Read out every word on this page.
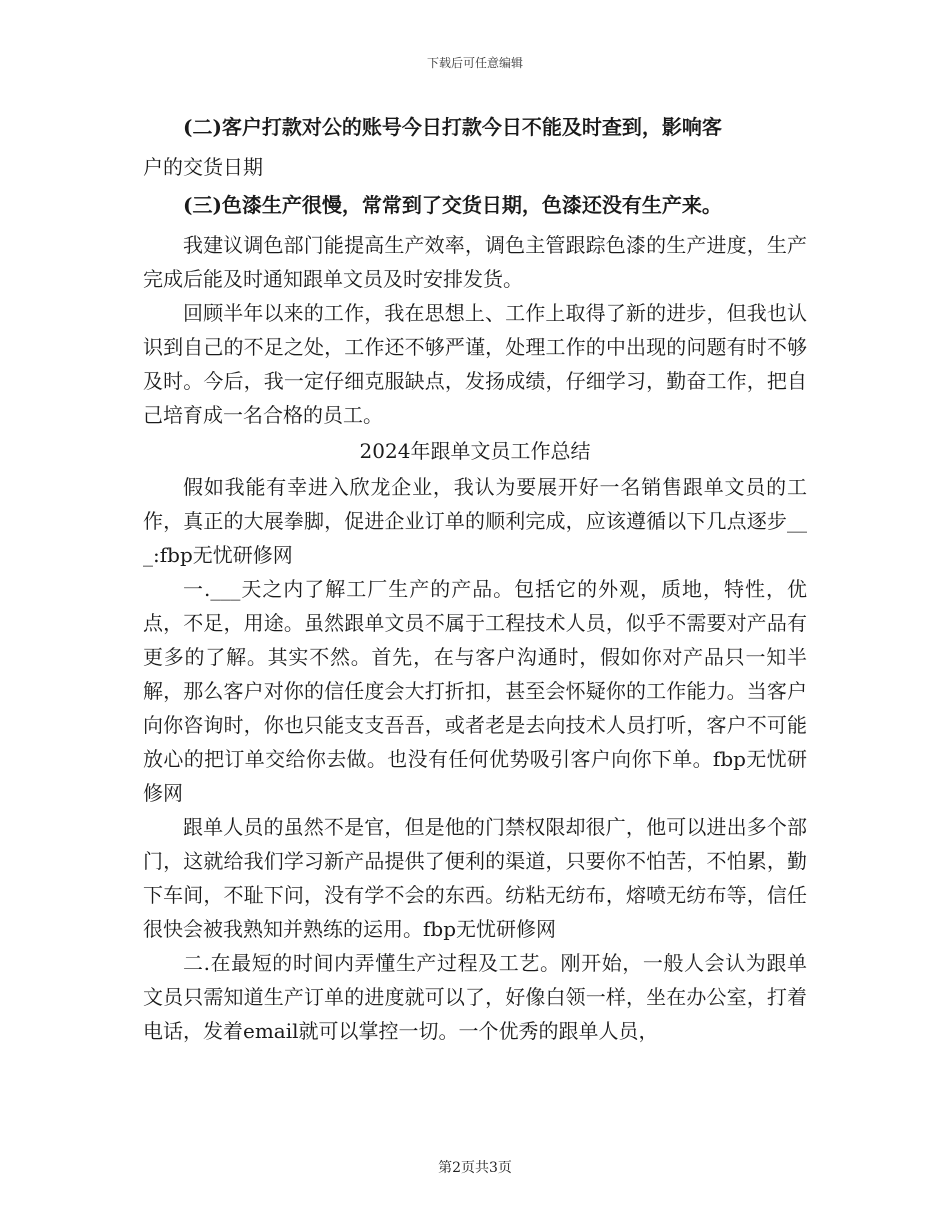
下载后可任意编辑

(二)客户打款对公的账号今日打款今日不能及时查到，影响客

户的交货日期

(三)色漆生产很慢，常常到了交货日期，色漆还没有生产来。

我建议调色部门能提高生产效率，调色主管跟踪色漆的生产进度，生产完成后能及时通知跟单文员及时安排发货。

回顾半年以来的工作，我在思想上、工作上取得了新的进步，但我也认识到自己的不足之处，工作还不够严谨，处理工作的中出现的问题有时不够及时。今后，我一定仔细克服缺点，发扬成绩，仔细学习，勤奋工作，把自己培育成一名合格的员工。

2024年跟单文员工作总结

假如我能有幸进入欣龙企业，我认为要展开好一名销售跟单文员的工作，真正的大展拳脚，促进企业订单的顺利完成，应该遵循以下几点逐步___:fbp无忧研修网

一.___天之内了解工厂生产的产品。包括它的外观，质地，特性，优点，不足，用途。虽然跟单文员不属于工程技术人员，似乎不需要对产品有更多的了解。其实不然。首先，在与客户沟通时，假如你对产品只一知半解，那么客户对你的信任度会大打折扣，甚至会怀疑你的工作能力。当客户向你咨询时，你也只能支支吾吾，或者老是去向技术人员打听，客户不可能放心的把订单交给你去做。也没有任何优势吸引客户向你下单。fbp无忧研修网

跟单人员的虽然不是官，但是他的门禁权限却很广，他可以进出多个部门，这就给我们学习新产品提供了便利的渠道，只要你不怕苦，不怕累，勤下车间，不耻下问，没有学不会的东西。纺粘无纺布，熔喷无纺布等，信任很快会被我熟知并熟练的运用。fbp无忧研修网

二.在最短的时间内弄懂生产过程及工艺。刚开始，一般人会认为跟单文员只需知道生产订单的进度就可以了，好像白领一样，坐在办公室，打着电话，发着email就可以掌控一切。一个优秀的跟单人员，

第2页共3页
